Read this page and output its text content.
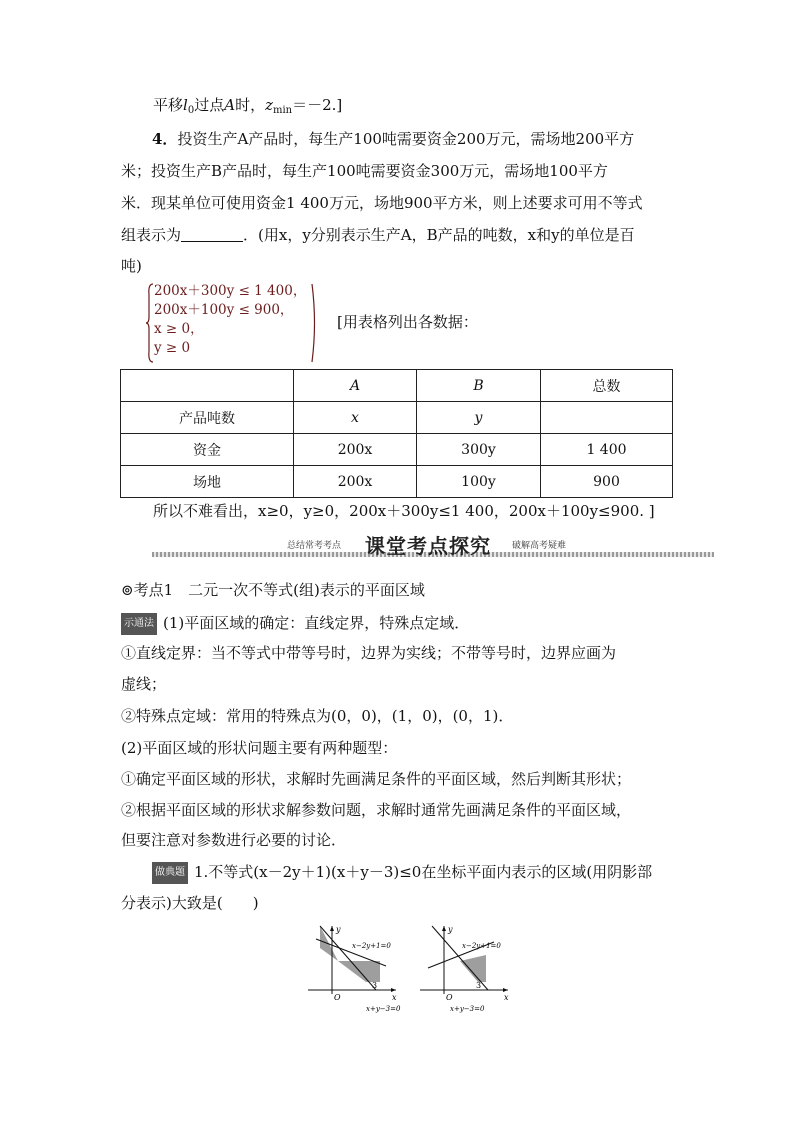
平移$l_0$过点A时，$z_{min}=-2$.]
4．投资生产A产品时，每生产100吨需要资金200万元，需场地200平方
米；投资生产B产品时，每生产100吨需要资金300万元，需场地100平方
米．现某单位可使用资金1 400万元，场地900平方米，则上述要求可用不等式
组表示为	．(用x，y分别表示生产A，B产品的吨数，x和y的单位是百
吨)
200x＋300y ≤ 1 400，
200x＋100y ≤ 900，
x ≥ 0，
y ≥ 0
[用表格列出各数据：
	A	B	总数
产品吨数	x	y	
资金	200x	300y	1 400
场地	200x	100y	900
所以不难看出，x≥0，y≥0，200x＋300y≤1 400，200x＋100y≤900. ]
总结常考考点 课堂考点探究 破解高考疑难
⊚考点1　二元一次不等式(组)表示的平面区域
示通法 (1)平面区域的确定：直线定界，特殊点定域．
①直线定界：当不等式中带等号时，边界为实线；不带等号时，边界应画为
虚线；
②特殊点定域：常用的特殊点为(0，0)，(1，0)，(0，1)．
(2)平面区域的形状问题主要有两种题型：
①确定平面区域的形状，求解时先画满足条件的平面区域，然后判断其形状；
②根据平面区域的形状求解参数问题，求解时通常先画满足条件的平面区域，
但要注意对参数进行必要的讨论．
做典题 1.不等式(x－2y＋1)(x＋y－3)≤0在坐标平面内表示的区域(用阴影部
分表示)大致是(　　)
y
x
O
3
x−2y+1=0
x+y−3=0
y
x
O
3
x−2y+1=0
x+y−3=0
